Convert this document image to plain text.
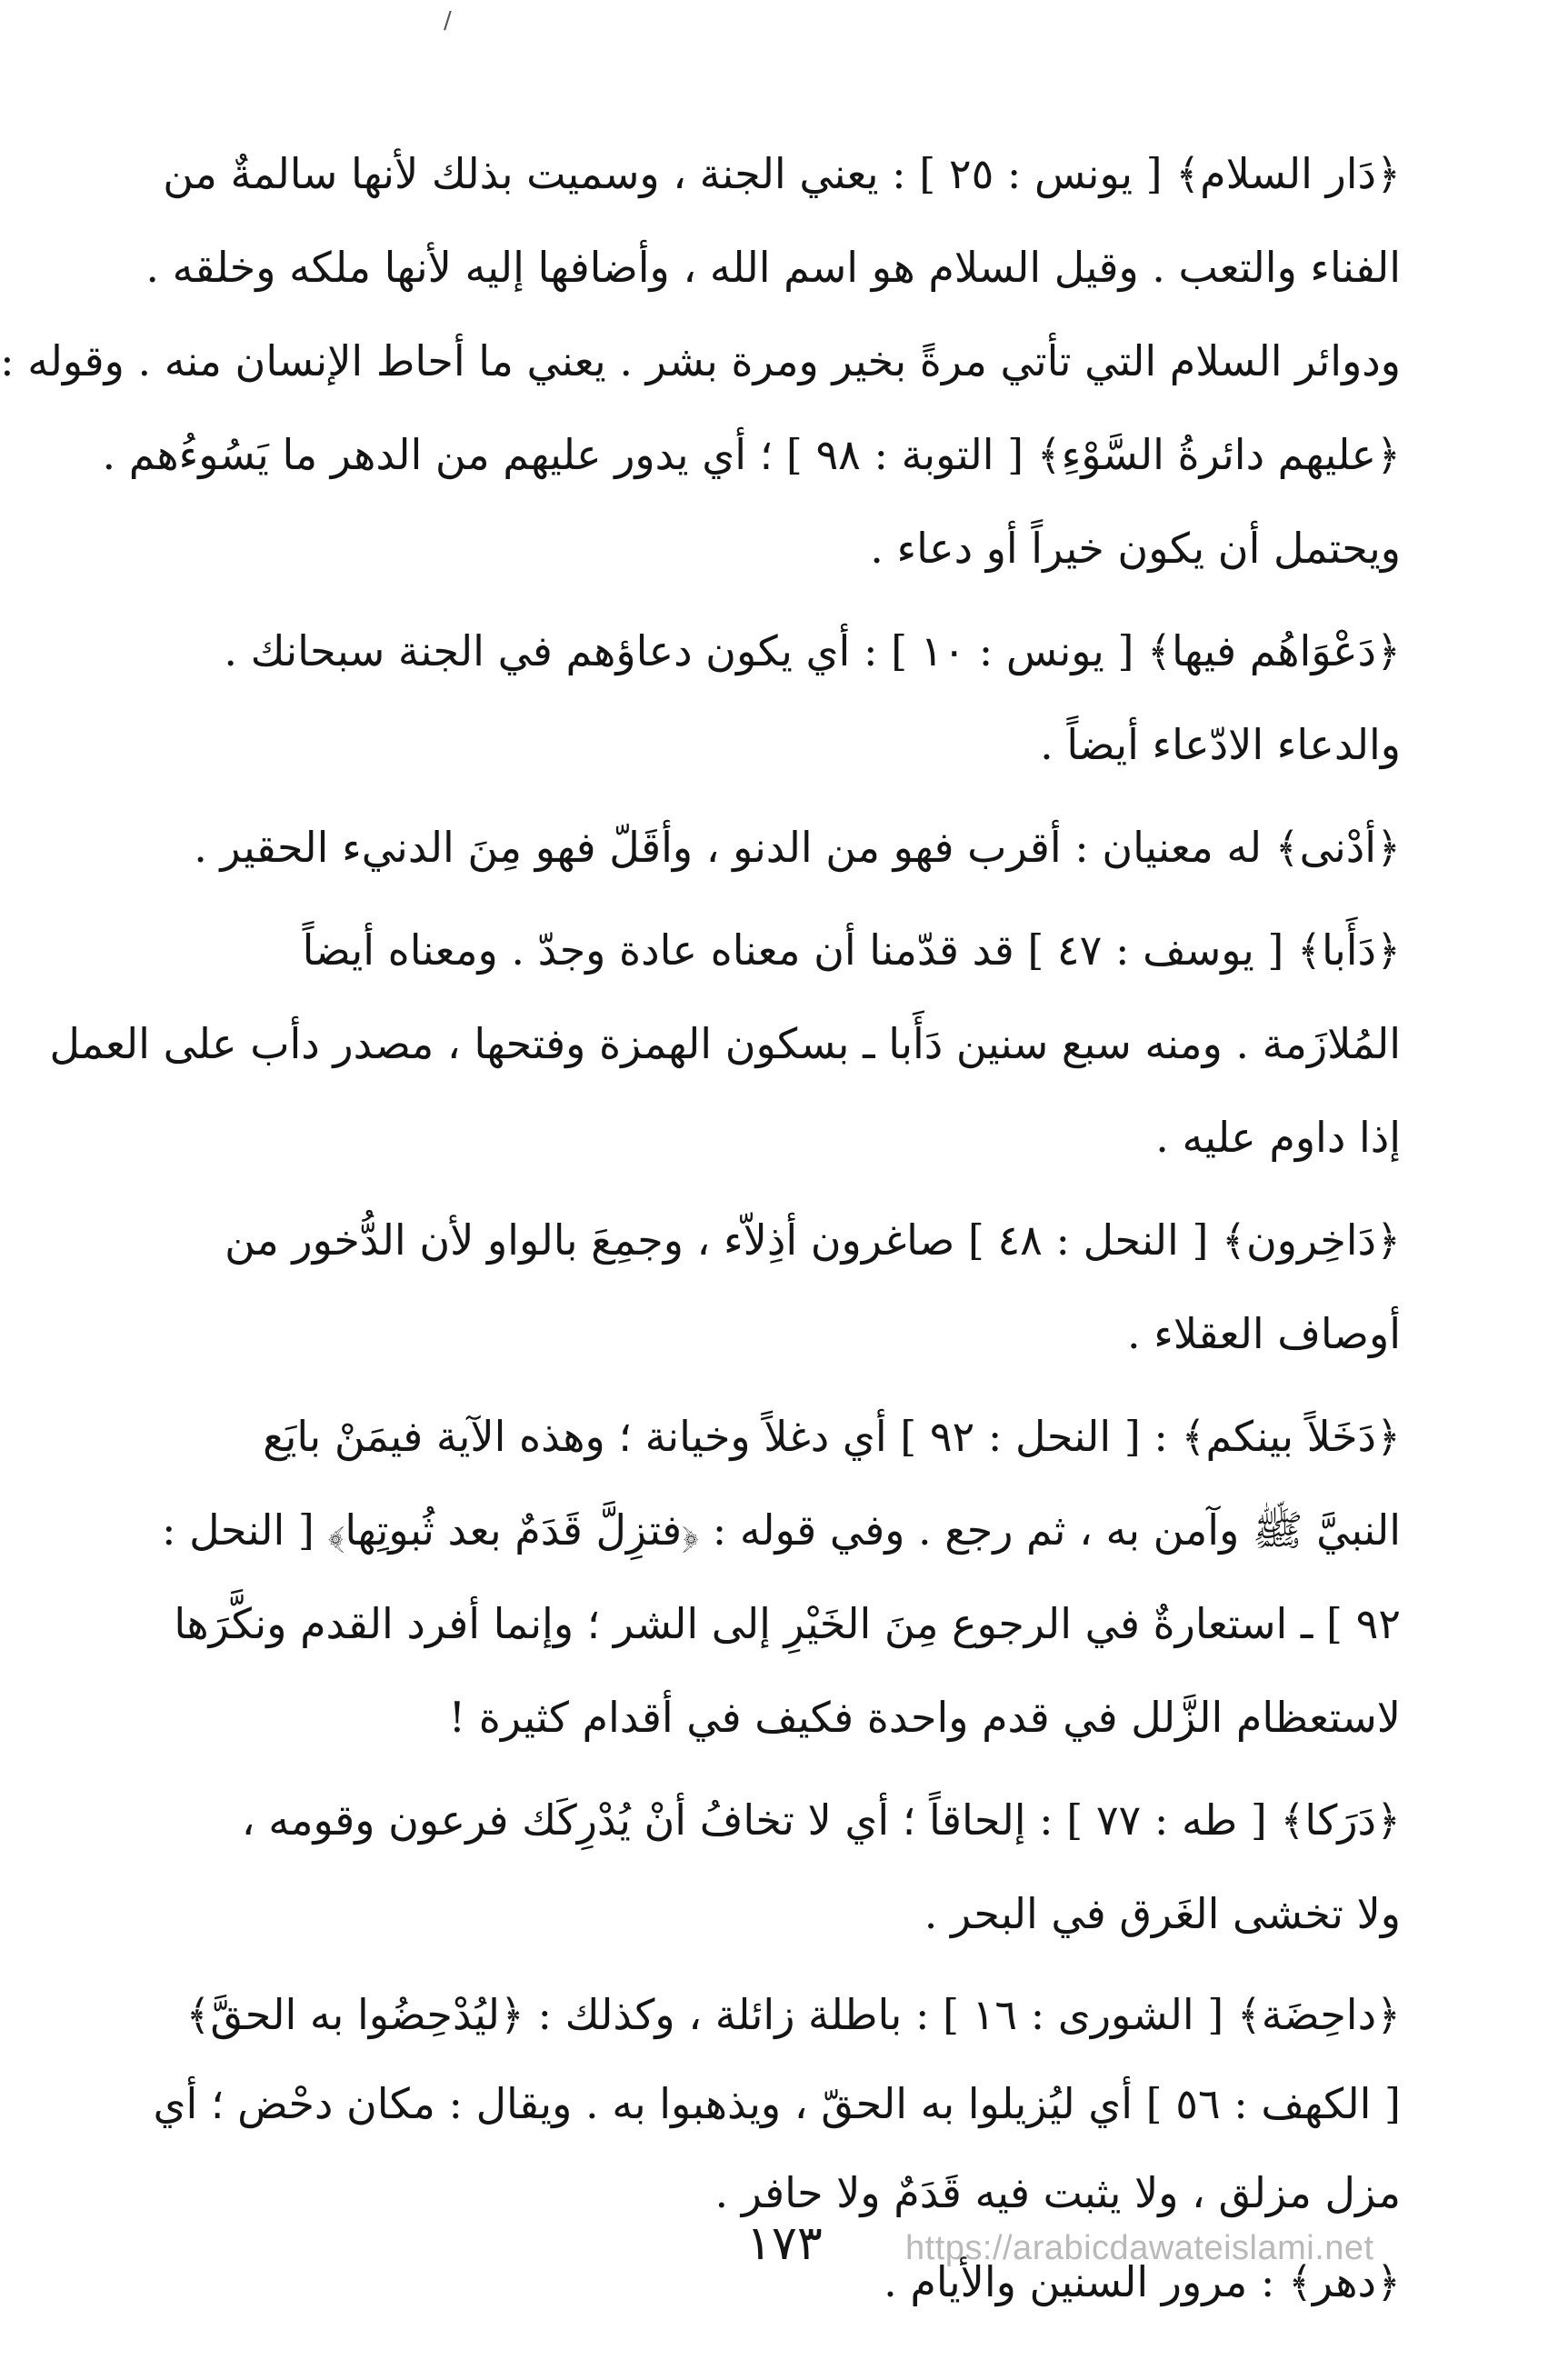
/
﴿دَار السلام﴾ [ يونس : ٢٥ ] : يعني الجنة ، وسميت بذلك لأنها سالمةٌ من
الفناء والتعب . وقيل السلام هو اسم الله ، وأضافها إليه لأنها ملكه وخلقه .
ودوائر السلام التي تأتي مرةً بخير ومرة بشر . يعني ما أحاط الإنسان منه . وقوله :
﴿عليهم دائرةُ السَّوْءِ﴾ [ التوبة : ٩٨ ] ؛ أي يدور عليهم من الدهر ما يَسُوءُهم .
ويحتمل أن يكون خيراً أو دعاء .
﴿دَعْوَاهُم فيها﴾ [ يونس : ١٠ ] : أي يكون دعاؤهم في الجنة سبحانك .
والدعاء الادّعاء أيضاً .
﴿أدْنى﴾ له معنيان : أقرب فهو من الدنو ، وأقَلّ فهو مِنَ الدنيء الحقير .
﴿دَأَبا﴾ [ يوسف : ٤٧ ] قد قدّمنا أن معناه عادة وجدّ . ومعناه أيضاً
المُلازَمة . ومنه سبع سنين دَأَبا ـ بسكون الهمزة وفتحها ، مصدر دأب على العمل
إذا داوم عليه .
﴿دَاخِرون﴾ [ النحل : ٤٨ ] صاغرون أذِلاّء ، وجمِعَ بالواو لأن الدُّخور من
أوصاف العقلاء .
﴿دَخَلاً بينكم﴾ : [ النحل : ٩٢ ] أي دغلاً وخيانة ؛ وهذه الآية فيمَنْ بايَع
النبيَّ ﷺ وآمن به ، ثم رجع . وفي قوله : ﴿فتزِلَّ قَدَمٌ بعد ثُبوتِها﴾ [ النحل :
٩٢ ] ـ استعارةٌ في الرجوع مِنَ الخَيْرِ إلى الشر ؛ وإنما أفرد القدم ونكَّرَها
لاستعظام الزَّلل في قدم واحدة فكيف في أقدام كثيرة !
﴿دَرَكا﴾ [ طه : ٧٧ ] : إلحاقاً ؛ أي لا تخافُ أنْ يُدْرِكَك فرعون وقومه ،
ولا تخشى الغَرق في البحر .
﴿داحِضَة﴾ [ الشورى : ١٦ ] : باطلة زائلة ، وكذلك : ﴿ليُدْحِضُوا به الحقَّ﴾
[ الكهف : ٥٦ ] أي ليُزيلوا به الحقّ ، ويذهبوا به . ويقال : مكان دحْض ؛ أي
مزل مزلق ، ولا يثبت فيه قَدَمٌ ولا حافر .
﴿دهر﴾ : مرور السنين والأيام .
١٧٣ https://arabicdawateislami.net
